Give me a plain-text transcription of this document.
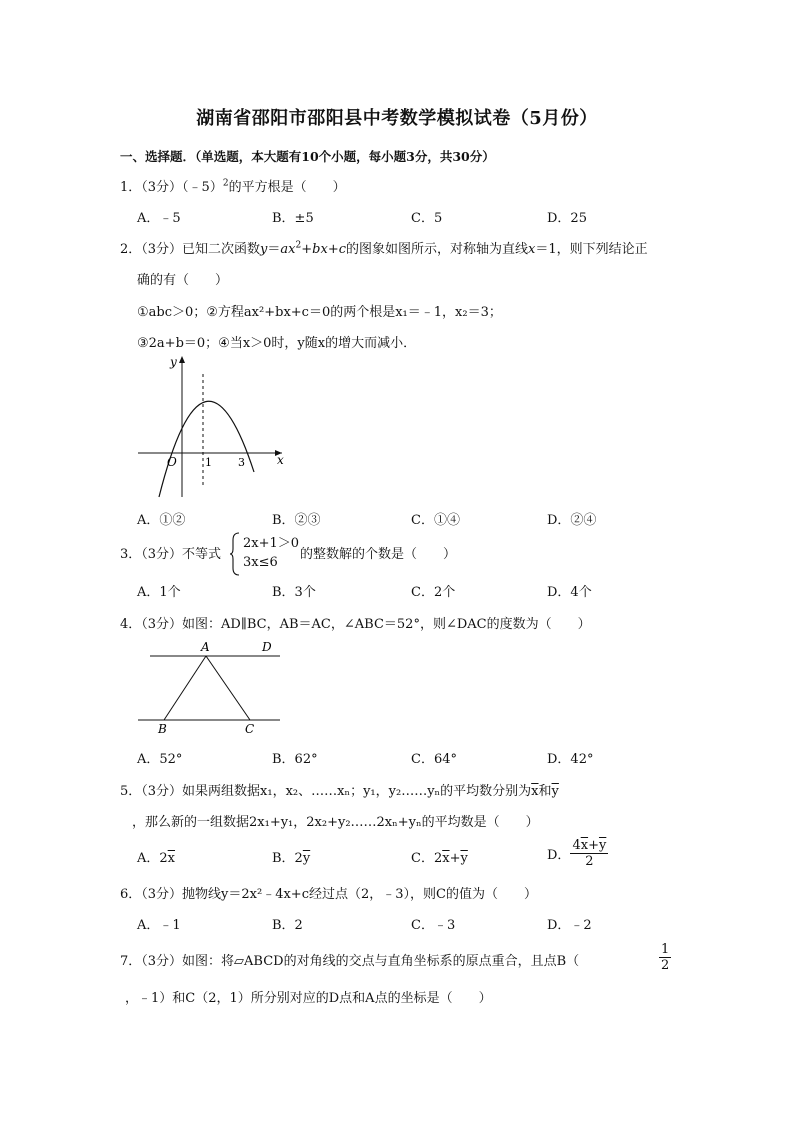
湖南省邵阳市邵阳县中考数学模拟试卷（5月份）
一、选择题．（单选题，本大题有10个小题，每小题3分，共30分）
1．（3分）（﹣5）$^2$的平方根是（　　）
A．﹣5	B．±5	C．5	D．25
2．（3分）已知二次函数$y=ax^2+bx+c$的图象如图所示，对称轴为直线x＝1，则下列结论正
确的有（　　）
①abc＞0；②方程ax²+bx+c＝0的两个根是x₁＝﹣1，x₂＝3；
③2a+b＝0；④当x＞0时，y随x的增大而减小．
y
x
O	1 3
A．①②	B．②③	C．①④	D．②④
3．（3分）不等式
2x+1＞0
3x≤6
的整数解的个数是（　　）
A．1个	B．3个	C．2个	D．4个
4．（3分）如图：AD∥BC，AB＝AC，∠ABC＝52°，则∠DAC的度数为（　　）
A	D
B	C
A．52°	B．62°	C．64°	D．42°
5．（3分）如果两组数据x₁，x₂、……xₙ；y₁，y₂……yₙ的平均数分别为$\overline{x}$和$\overline{y}$
，那么新的一组数据2x₁+y₁，2x₂+y₂……2xₙ+yₙ的平均数是（　　）
A．$2\overline{x}$	B．$2\overline{y}$	C．$2\overline{x}+\overline{y}$	D． $\frac{4\overline{x}+\overline{y}}{2}$
6．（3分）抛物线y＝2x²﹣4x+c经过点（2，﹣3），则C的值为（　　）
A．﹣1	B．2	C．﹣3	D．﹣2
7．（3分）如图：将▱ABCD的对角线的交点与直角坐标系的原点重合，且点B（	$\frac{1}{2}$
，﹣1）和C（2，1）所分别对应的D点和A点的坐标是（　　）
